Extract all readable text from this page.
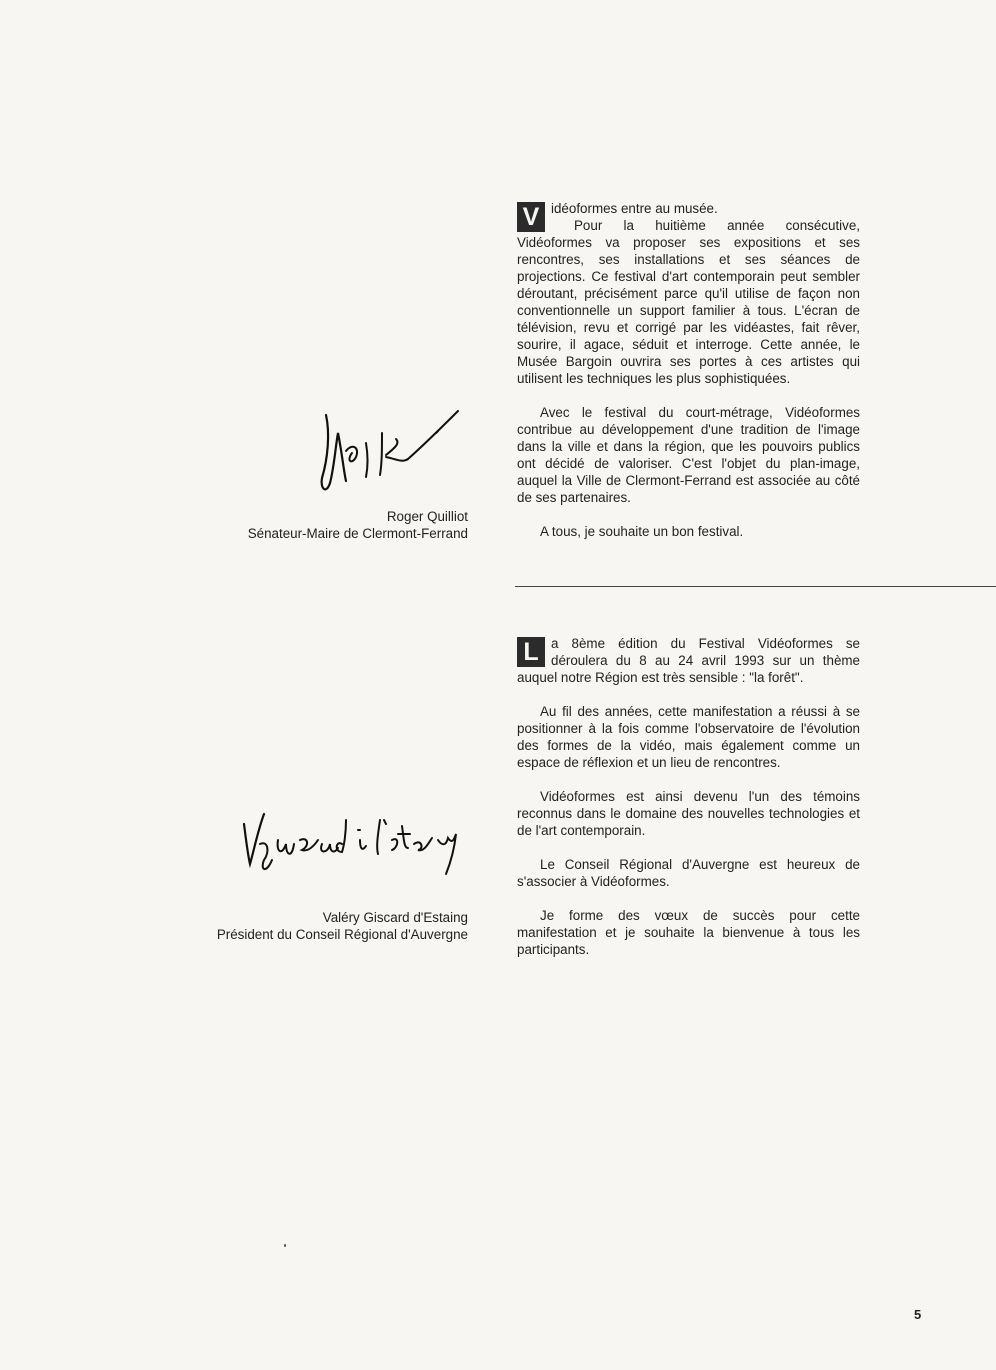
V idéoformes entre au musée.
Pour la huitième année consécutive, Vidéoformes va proposer ses expositions et ses rencontres, ses installations et ses séances de projections. Ce festival d'art contemporain peut sembler déroutant, précisément parce qu'il utilise de façon non conventionnelle un support familier à tous. L'écran de télévision, revu et corrigé par les vidéastes, fait rêver, sourire, il agace, séduit et interroge. Cette année, le Musée Bargoin ouvrira ses portes à ces artistes qui utilisent les techniques les plus sophistiquées.

Avec le festival du court-métrage, Vidéoformes contribue au développement d'une tradition de l'image dans la ville et dans la région, que les pouvoirs publics ont décidé de valoriser. C'est l'objet du plan-image, auquel la Ville de Clermont-Ferrand est associée au côté de ses partenaires.

A tous, je souhaite un bon festival.

Roger Quilliot
Sénateur-Maire de Clermont-Ferrand

L a 8ème édition du Festival Vidéoformes se déroulera du 8 au 24 avril 1993 sur un thème auquel notre Région est très sensible : "la forêt".

Au fil des années, cette manifestation a réussi à se positionner à la fois comme l'observatoire de l'évolution des formes de la vidéo, mais également comme un espace de réflexion et un lieu de rencontres.

Vidéoformes est ainsi devenu l'un des témoins reconnus dans le domaine des nouvelles technologies et de l'art contemporain.

Le Conseil Régional d'Auvergne est heureux de s'associer à Vidéoformes.

Je forme des vœux de succès pour cette manifestation et je souhaite la bienvenue à tous les participants.

Valéry Giscard d'Estaing
Président du Conseil Régional d'Auvergne
5
